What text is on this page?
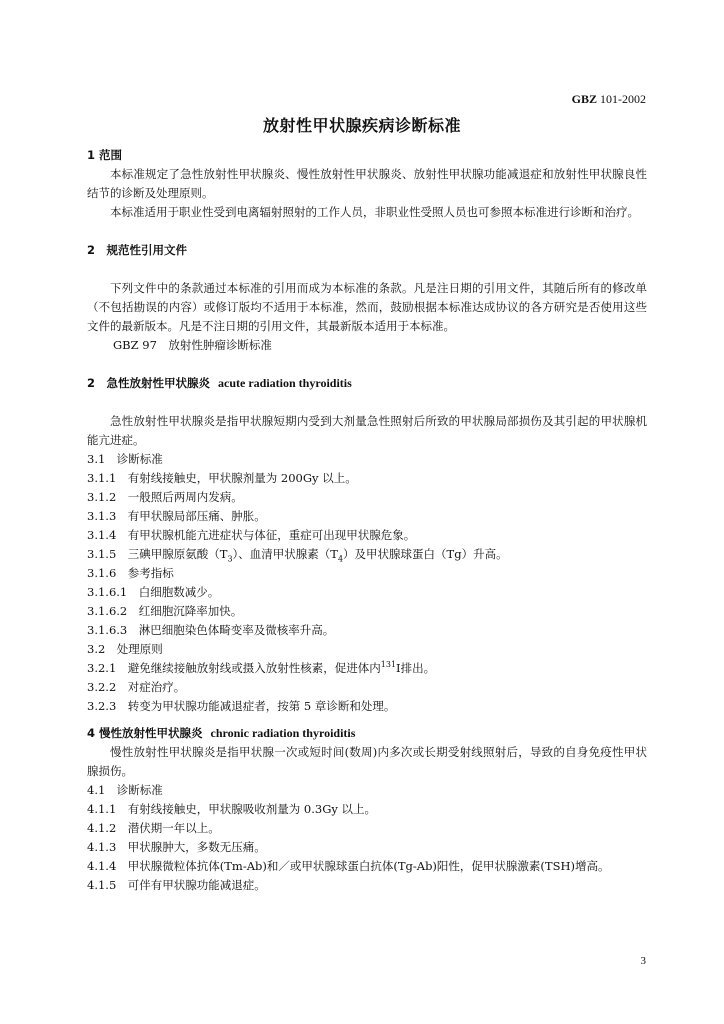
GBZ 101-2002
放射性甲状腺疾病诊断标准
1 范围
本标准规定了急性放射性甲状腺炎、慢性放射性甲状腺炎、放射性甲状腺功能减退症和放射性甲状腺良性结节的诊断及处理原则。
本标准适用于职业性受到电离辐射照射的工作人员，非职业性受照人员也可参照本标准进行诊断和治疗。
2　规范性引用文件
下列文件中的条款通过本标准的引用而成为本标准的条款。凡是注日期的引用文件，其随后所有的修改单（不包括勘误的内容）或修订版均不适用于本标准，然而，鼓励根据本标准达成协议的各方研究是否使用这些文件的最新版本。凡是不注日期的引用文件，其最新版本适用于本标准。
GBZ 97　放射性肿瘤诊断标准
2　急性放射性甲状腺炎 acute radiation thyroiditis
急性放射性甲状腺炎是指甲状腺短期内受到大剂量急性照射后所致的甲状腺局部损伤及其引起的甲状腺机能亢进症。
3.1　诊断标准
3.1.1　有射线接触史，甲状腺剂量为 200Gy 以上。
3.1.2　一般照后两周内发病。
3.1.3　有甲状腺局部压痛、肿胀。
3.1.4　有甲状腺机能亢进症状与体征，重症可出现甲状腺危象。
3.1.5　三碘甲腺原氨酸$(T_3)$、血清甲状腺素$(T_4)$及甲状腺球蛋白（Tg）升高。
3.1.6　参考指标
3.1.6.1　白细胞数减少。
3.1.6.2　红细胞沉降率加快。
3.1.6.3　淋巴细胞染色体畸变率及微核率升高。
3.2　处理原则
3.2.1　避免继续接触放射线或摄入放射性核素，促进体内$^{131}$I排出。
3.2.2　对症治疗。
3.2.3　转变为甲状腺功能减退症者，按第 5 章诊断和处理。
4 慢性放射性甲状腺炎 chronic radiation thyroiditis
慢性放射性甲状腺炎是指甲状腺一次或短时间(数周)内多次或长期受射线照射后，导致的自身免疫性甲状腺损伤。
4.1　诊断标准
4.1.1　有射线接触史，甲状腺吸收剂量为 0.3Gy 以上。
4.1.2　潜伏期一年以上。
4.1.3　甲状腺肿大，多数无压痛。
4.1.4　甲状腺微粒体抗体(Tm-Ab)和／或甲状腺球蛋白抗体(Tg-Ab)阳性，促甲状腺激素(TSH)增高。
4.1.5　可伴有甲状腺功能减退症。
3
